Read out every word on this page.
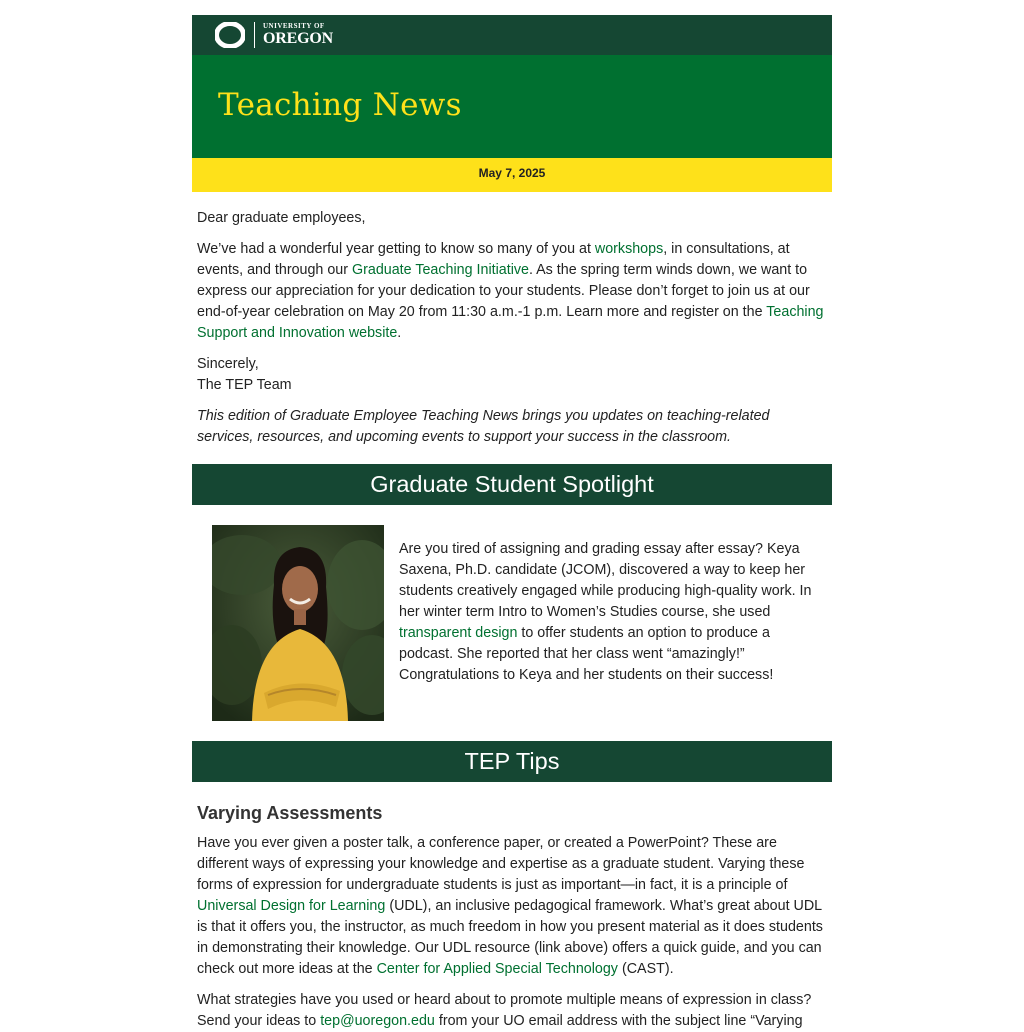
UNIVERSITY OF
OREGON
Teaching News
May 7, 2025

Dear graduate employees,

We’ve had a wonderful year getting to know so many of you at workshops, in consultations, at events, and through our Graduate Teaching Initiative. As the spring term winds down, we want to express our appreciation for your dedication to your students. Please don’t forget to join us at our end-of-year celebration on May 20 from 11:30 a.m.-1 p.m. Learn more and register on the Teaching Support and Innovation website.

Sincerely,
The TEP Team

This edition of Graduate Employee Teaching News brings you updates on teaching-related services, resources, and upcoming events to support your success in the classroom.

Graduate Student Spotlight

Are you tired of assigning and grading essay after essay? Keya Saxena, Ph.D. candidate (JCOM), discovered a way to keep her students creatively engaged while producing high-quality work. In her winter term Intro to Women’s Studies course, she used transparent design to offer students an option to produce a podcast. She reported that her class went “amazingly!” Congratulations to Keya and her students on their success!

TEP Tips
Varying Assessments

Have you ever given a poster talk, a conference paper, or created a PowerPoint? These are different ways of expressing your knowledge and expertise as a graduate student. Varying these forms of expression for undergraduate students is just as important—in fact, it is a principle of Universal Design for Learning (UDL), an inclusive pedagogical framework. What’s great about UDL is that it offers you, the instructor, as much freedom in how you present material as it does students in demonstrating their knowledge. Our UDL resource (link above) offers a quick guide, and you can check out more ideas at the Center for Applied Special Technology (CAST).

What strategies have you used or heard about to promote multiple means of expression in class? Send your ideas to tep@uoregon.edu from your UO email address with the subject line “Varying
